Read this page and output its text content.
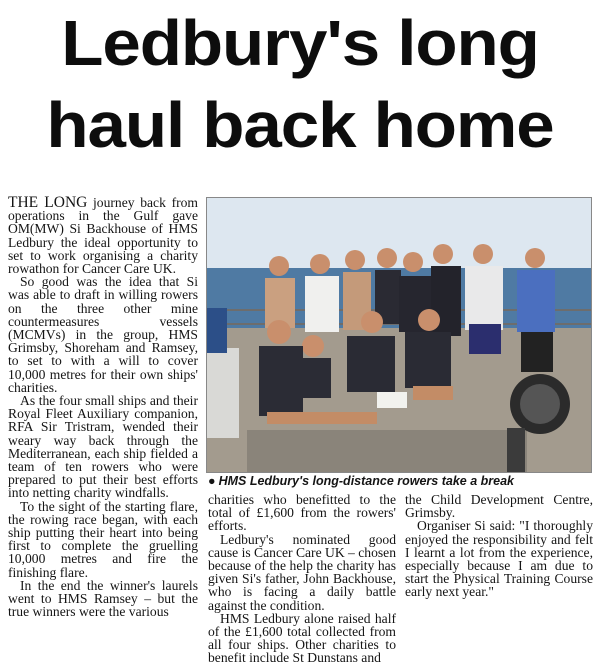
Ledbury's long
haul back home

THE LONG journey back from operations in the Gulf gave OM(MW) Si Backhouse of HMS Ledbury the ideal opportunity to set to work organising a charity rowathon for Cancer Care UK.

So good was the idea that Si was able to draft in willing rowers on the three other mine countermeasures vessels (MCMVs) in the group, HMS Grimsby, Shoreham and Ramsey, to set to with a will to cover 10,000 metres for their own ships' charities.

As the four small ships and their Royal Fleet Auxiliary companion, RFA Sir Tristram, wended their weary way back through the Mediterranean, each ship fielded a team of ten rowers who were prepared to put their best efforts into netting charity windfalls.

To the sight of the starting flare, the rowing race began, with each ship putting their heart into being first to complete the gruelling 10,000 metres and fire the finishing flare.

In the end the winner's laurels went to HMS Ramsey – but the true winners were the various

● HMS Ledbury's long-distance rowers take a break

charities who benefitted to the total of £1,600 from the rowers' efforts.

Ledbury's nominated good cause is Cancer Care UK – chosen because of the help the charity has given Si's father, John Backhouse, who is facing a daily battle against the condition.

HMS Ledbury alone raised half of the £1,600 total collected from all four ships. Other charities to benefit include St Dunstans and

the Child Development Centre, Grimsby.

Organiser Si said: "I thoroughly enjoyed the responsibility and felt I learnt a lot from the experience, especially because I am due to start the Physical Training Course early next year."
